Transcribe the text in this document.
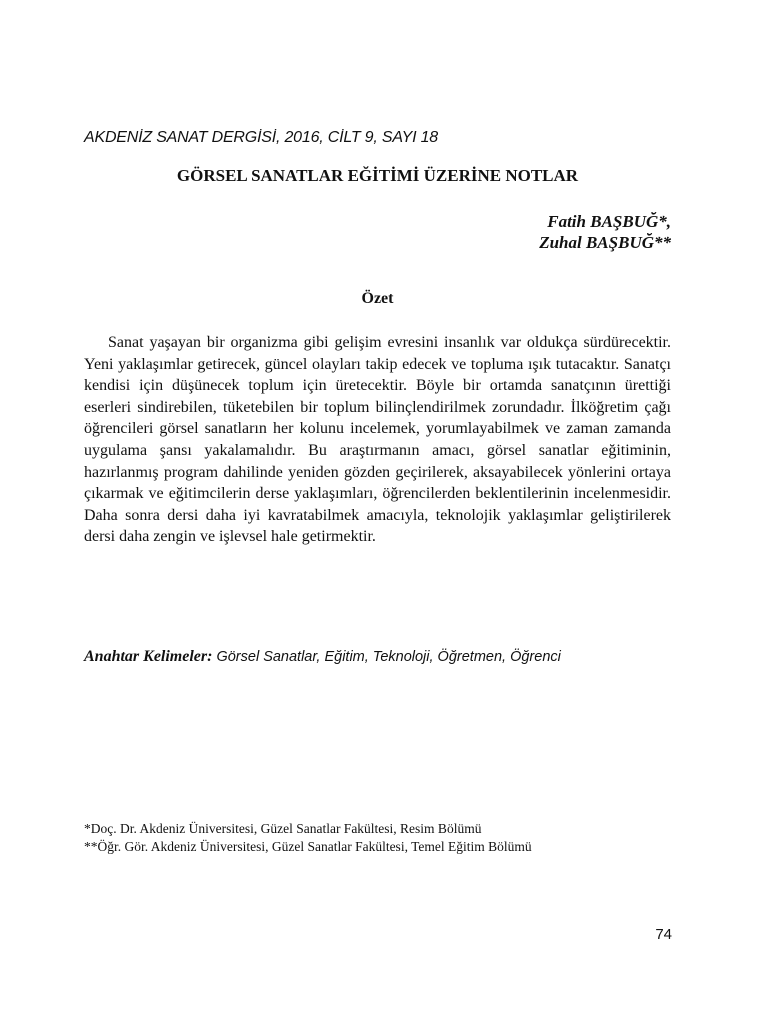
AKDENİZ SANAT DERGİSİ, 2016, CİLT 9, SAYI 18
GÖRSEL SANATLAR EĞİTİMİ ÜZERİNE NOTLAR
Fatih BAŞBUĞ*,
Zuhal BAŞBUĞ**
Özet

Sanat yaşayan bir organizma gibi gelişim evresini insanlık var oldukça sürdürecektir. Yeni yaklaşımlar getirecek, güncel olayları takip edecek ve topluma ışık tutacaktır. Sanatçı kendisi için düşünecek toplum için üretecektir. Böyle bir ortamda sanatçının ürettiği eserleri sindirebilen, tüketebilen bir toplum bilinçlendirilmek zorundadır. İlköğretim çağı öğrencileri görsel sanatların her kolunu incelemek, yorumlayabilmek ve zaman zamanda uygulama şansı yakalamalıdır. Bu araştırmanın amacı, görsel sanatlar eğitiminin, hazırlanmış program dahilinde yeniden gözden geçirilerek, aksayabilecek yönlerini ortaya çıkarmak ve eğitimcilerin derse yaklaşımları, öğrencilerden beklentilerinin incelenmesidir. Daha sonra dersi daha iyi kavratabilmek amacıyla, teknolojik yaklaşımlar geliştirilerek dersi daha zengin ve işlevsel hale getirmektir.

Anahtar Kelimeler: Görsel Sanatlar, Eğitim, Teknoloji, Öğretmen, Öğrenci
*Doç. Dr. Akdeniz Üniversitesi, Güzel Sanatlar Fakültesi, Resim Bölümü
**Öğr. Gör. Akdeniz Üniversitesi, Güzel Sanatlar Fakültesi, Temel Eğitim Bölümü
74
